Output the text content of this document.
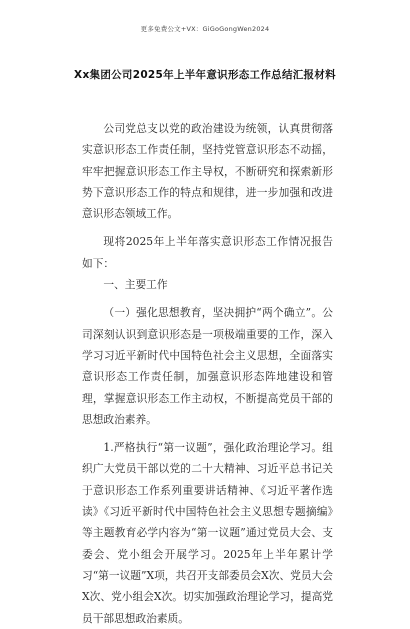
更多免费公文+VX：GiGoGongWen2024
Xx集团公司2025年上半年意识形态工作总结汇报材料

公司党总支以党的政治建设为统领，认真贯彻落实意识形态工作责任制，坚持党管意识形态不动摇，牢牢把握意识形态工作主导权，不断研究和探索新形势下意识形态工作的特点和规律，进一步加强和改进意识形态领域工作。

现将2025年上半年落实意识形态工作情况报告如下：

一、主要工作

（一）强化思想教育，坚决拥护“两个确立”。公司深刻认识到意识形态是一项极端重要的工作，深入学习习近平新时代中国特色社会主义思想，全面落实意识形态工作责任制，加强意识形态阵地建设和管理，掌握意识形态工作主动权，不断提高党员干部的思想政治素养。

1.严格执行“第一议题”，强化政治理论学习。组织广大党员干部以党的二十大精神、习近平总书记关于意识形态工作系列重要讲话精神、《习近平著作选读》《习近平新时代中国特色社会主义思想专题摘编》等主题教育必学内容为“第一议题”通过党员大会、支委会、党小组会开展学习。2025年上半年累计学习“第一议题”X项，共召开支部委员会X次、党员大会X次、党小组会X次。切实加强政治理论学习，提高党员干部思想政治素质。
